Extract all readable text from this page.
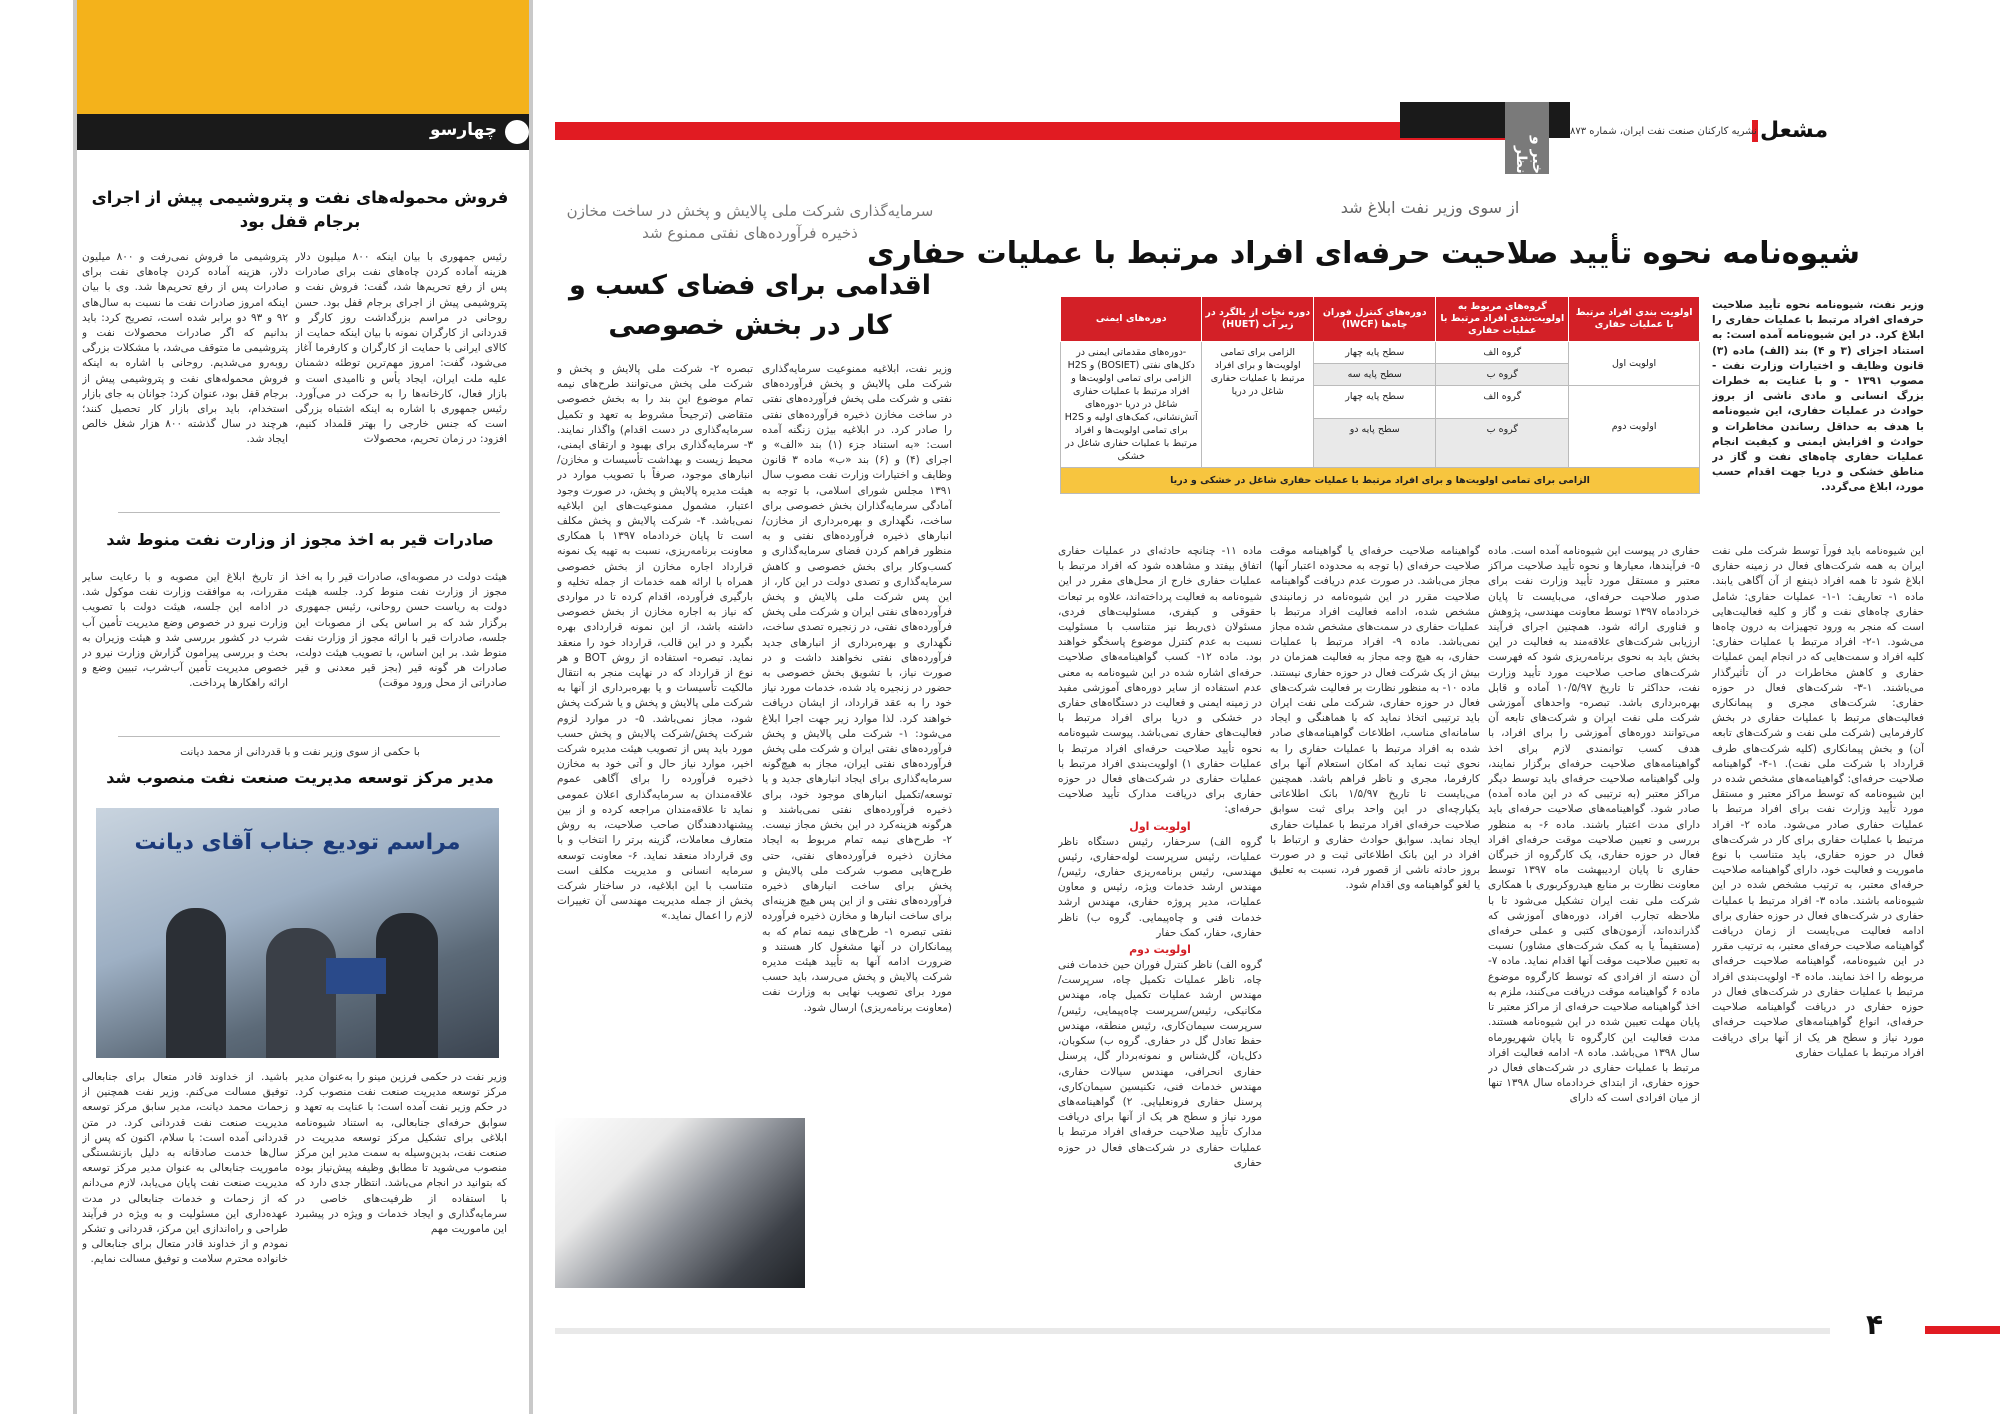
چهارسو
فروش محموله‌های نفت و پتروشیمی پیش از اجرای برجام قفل بود
رئیس جمهوری با بیان اینکه ۸۰۰ میلیون دلار هزینه آماده کردن چاه‌های نفت برای صادرات پس از رفع تحریم‌ها شد، گفت: فروش نفت و پتروشیمی پیش از اجرای برجام قفل بود. حسن روحانی در مراسم بزرگداشت روز کارگر و قدردانی از کارگران نمونه با بیان اینکه حمایت از کالای ایرانی با حمایت از کارگران و کارفرما آغاز می‌شود، گفت: امروز مهم‌ترین توطئه دشمنان علیه ملت ایران، ایجاد یأس و ناامیدی است و بازار فعال، کارخانه‌ها را به حرکت در می‌آورد. رئیس جمهوری با اشاره به اینکه اشتباه بزرگی است که جنس خارجی را بهتر قلمداد کنیم، افزود: در زمان تحریم، محصولات
پتروشیمی ما فروش نمی‌رفت و ۸۰۰ میلیون دلار، هزینه آماده کردن چاه‌های نفت برای صادرات پس از رفع تحریم‌ها شد. وی با بیان اینکه امروز صادرات نفت ما نسبت به سال‌های ۹۲ و ۹۳ دو برابر شده است، تصریح کرد: باید بدانیم که اگر صادرات محصولات نفت و پتروشیمی ما متوقف می‌شد، با مشکلات بزرگی روبه‌رو می‌شدیم. روحانی با اشاره به اینکه فروش محموله‌های نفت و پتروشیمی پیش از برجام قفل بود، عنوان کرد: جوانان به جای بازار استخدام، باید برای بازار کار تحصیل کنند؛ هرچند در سال گذشته ۸۰۰ هزار شغل خالص ایجاد شد.
صادرات قیر به اخذ مجوز از وزارت نفت منوط شد
هیئت دولت در مصوبه‌ای، صادرات قیر را به اخذ مجوز از وزارت نفت منوط کرد. جلسه هیئت دولت به ریاست حسن روحانی، رئیس جمهوری برگزار شد که بر اساس یکی از مصوبات این جلسه، صادرات قیر با ارائه مجوز از وزارت نفت منوط شد. بر این اساس، با تصویب هیئت دولت، صادرات هر گونه قیر (بجز قیر معدنی و قیر صادراتی از محل ورود موقت)
از تاریخ ابلاغ این مصوبه و با رعایت سایر مقررات، به موافقت وزارت نفت موکول شد. در ادامه این جلسه، هیئت دولت با تصویب وزارت نیرو در خصوص وضع مدیریت تأمین آب شرب در کشور بررسی شد و هیئت وزیران به بحث و بررسی پیرامون گزارش وزارت نیرو در خصوص مدیریت تأمین آب‌شرب، تبیین وضع و ارائه راهکارها پرداخت.
با حکمی از سوی وزیر نفت و با قدردانی از محمد دیانت
مدیر مرکز توسعه مدیریت صنعت نفت منصوب شد
مراسم تودیع جناب آقای دیانت
وزیر نفت در حکمی فرزین مینو را به‌عنوان مدیر مرکز توسعه مدیریت صنعت نفت منصوب کرد. در حکم وزیر نفت آمده است: با عنایت به تعهد و سوابق حرفه‌ای جنابعالی، به استناد شیوه‌نامه ابلاغی برای تشکیل مرکز توسعه مدیریت در صنعت نفت، بدین‌وسیله به سمت مدیر این مرکز منصوب می‌شوید تا مطابق وظیفه پیش‌نیاز بوده که بتوانید در انجام می‌باشد. انتظار جدی دارد که با استفاده از ظرفیت‌های خاصی در سرمایه‌گذاری و ایجاد خدمات و ویژه در پیشبرد این ماموریت مهم
باشید. از خداوند قادر متعال برای جنابعالی توفیق مسالت می‌کنم. وزیر نفت همچنین از زحمات محمد دیانت، مدیر سابق مرکز توسعه مدیریت صنعت نفت قدردانی کرد. در متن قدردانی آمده است: با سلام، اکنون که پس از سال‌ها خدمت صادقانه به دلیل بازنشستگی ماموریت جنابعالی به عنوان مدیر مرکز توسعه مدیریت صنعت نفت پایان می‌یابد، لازم می‌دانم که از زحمات و خدمات جنابعالی در مدت عهده‌داری این مسئولیت و به ویژه در فرآیند طراحی و راه‌اندازی این مرکز، قدردانی و تشکر نمودم و از خداوند قادر متعال برای جنابعالی و خانواده محترم سلامت و توفیق مسالت نمایم.
خبر و نظر
مشعل
نشریه کارکنان صنعت نفت ایران، شماره ۸۷۳
سرمایه‌گذاری شرکت ملی پالایش و پخش در ساخت مخازن ذخیره فرآورده‌های نفتی ممنوع شد
اقدامی برای فضای کسب و کار در بخش خصوصی
وزیر نفت، ابلاغیه ممنوعیت سرمایه‌گذاری شرکت ملی پالایش و پخش فرآورده‌های نفتی و شرکت ملی پخش فرآورده‌های نفتی در ساخت مخازن ذخیره فرآورده‌های نفتی را صادر کرد. در ابلاغیه بیژن زنگنه آمده است: «به استناد جزء (۱) بند «الف» و اجرای (۴) و (۶) بند «ب» ماده ۳ قانون وظایف و اختیارات وزارت نفت مصوب سال ۱۳۹۱ مجلس شورای اسلامی، با توجه به آمادگی سرمایه‌گذاران بخش خصوصی برای ساخت، نگهداری و بهره‌برداری از مخازن/انبارهای ذخیره فرآورده‌های نفتی و به منظور فراهم کردن فضای سرمایه‌گذاری و کسب‌وکار برای بخش خصوصی و کاهش سرمایه‌گذاری و تصدی دولت در این کار، از این پس شرکت ملی پالایش و پخش فرآورده‌های نفتی ایران و شرکت ملی پخش فرآورده‌های نفتی، در زنجیره تصدی ساخت، نگهداری و بهره‌برداری از انبارهای جدید فرآورده‌های نفتی نخواهند داشت و در صورت نیاز، با تشویق بخش خصوصی به حضور در زنجیره یاد شده، خدمات مورد نیاز خود را به عقد قرارداد، از ایشان دریافت خواهند کرد. لذا موارد زیر جهت اجرا ابلاغ می‌شود: ۱- شرکت ملی پالایش و پخش فرآورده‌های نفتی ایران و شرکت ملی پخش فرآورده‌های نفتی ایران، مجاز به هیچ‌گونه سرمایه‌گذاری برای ایجاد انبارهای جدید و یا توسعه/تکمیل انبارهای موجود خود، برای ذخیره فرآورده‌های نفتی نمی‌باشند و هرگونه هزینه‌کرد در این بخش مجاز نیست. ۲- طرح‌های نیمه تمام مربوط به ایجاد مخازن ذخیره فرآورده‌های نفتی، حتی طرح‌هایی مصوب شرکت ملی پالایش و پخش برای ساخت انبارهای ذخیره فرآورده‌های نفتی و از این پس هیچ هزینه‌ای برای ساخت انبارها و مخازن ذخیره فرآورده نفتی تبصره ۱- طرح‌های نیمه تمام که به پیمانکاران در آنها مشغول کار هستند و ضرورت ادامه آنها به تأیید هیئت مدیره شرکت پالایش و پخش می‌رسد، باید حسب مورد برای تصویب نهایی به وزارت نفت (معاونت برنامه‌ریزی) ارسال شود.
تبصره ۲- شرکت ملی پالایش و پخش و شرکت ملی پخش می‌توانند طرح‌های نیمه تمام موضوع این بند را به بخش خصوصی متقاضی (ترجیحاً مشروط به تعهد و تکمیل سرمایه‌گذاری در دست اقدام) واگذار نمایند. ۳- سرمایه‌گذاری برای بهبود و ارتقای ایمنی، محیط زیست و بهداشت تأسیسات و مخازن/انبارهای موجود، صرفاً با تصویب موارد در هیئت مدیره پالایش و پخش، در صورت وجود اعتبار، مشمول ممنوعیت‌های این ابلاغیه نمی‌باشد. ۴- شرکت پالایش و پخش مکلف است تا پایان خردادماه ۱۳۹۷ با همکاری معاونت برنامه‌ریزی، نسبت به تهیه یک نمونه قرارداد اجاره مخازن از بخش خصوصی همراه با ارائه همه خدمات از جمله تخلیه و بارگیری فرآورده، اقدام کرده تا در مواردی که نیاز به اجاره مخازن از بخش خصوصی داشته باشد، از این نمونه قراردادی بهره بگیرد و در این قالب، قرارداد خود را منعقد نماید. تبصره- استفاده از روش BOT و هر نوع از قرارداد که در نهایت منجر به انتقال مالکیت تأسیسات و یا بهره‌برداری از آنها به شرکت ملی پالایش و پخش و یا شرکت پخش شود، مجاز نمی‌باشد. ۵- در موارد لزوم شرکت پخش/شرکت پالایش و پخش حسب مورد باید پس از تصویب هیئت مدیره شرکت اخیر، موارد نیاز حال و آتی خود به مخازن ذخیره فرآورده را برای آگاهی عموم علاقه‌مندان به سرمایه‌گذاری اعلان عمومی نماید تا علاقه‌مندان مراجعه کرده و از بین پیشنهاددهندگان صاحب صلاحیت، به روش متعارف معاملات، گزینه برتر را انتخاب و با وی قرارداد منعقد نماید. ۶- معاونت توسعه سرمایه انسانی و مدیریت مکلف است متناسب با این ابلاغیه، در ساختار شرکت پخش از جمله مدیریت مهندسی آن تغییرات لازم را اعمال نماید.»
از سوی وزیر نفت ابلاغ شد
شیوه‌نامه نحوه تأیید صلاحیت حرفه‌ای افراد مرتبط با عملیات حفاری
وزیر نفت، شیوه‌نامه نحوه تأیید صلاحیت حرفه‌ای افراد مرتبط با عملیات حفاری را ابلاغ کرد. در این شیوه‌نامه آمده است: به استناد اجزای (۳ و ۴) بند (الف) ماده (۳) قانون وظایف و اختیارات وزارت نفت - مصوب ۱۳۹۱ - و با عنایت به خطرات بزرگ انسانی و مادی ناشی از بروز حوادث در عملیات حفاری، این شیوه‌نامه با هدف به حداقل رساندن مخاطرات و حوادث و افزایش ایمنی و کیفیت انجام عملیات حفاری چاه‌های نفت و گاز در مناطق خشکی و دریا جهت اقدام حسب مورد، ابلاغ می‌گردد.
اولویت بندی افراد مرتبط با عملیات حفاری	گروه‌های مربوط به اولویت‌بندی افراد مرتبط با عملیات حفاری	دوره‌های کنترل فوران چاه‌ها (IWCF)	دوره نجات از بالگرد در زیر آب (HUET)	دوره‌های ایمنی
اولویت اول	گروه الف	سطح پایه چهار	الزامی برای تمامی اولویت‌ها و برای افراد مرتبط با عملیات حفاری شاغل در دریا	-دوره‌های مقدماتی ایمنی در دکل‌های نفتی (BOSIET) و H2S الزامی برای تمامی اولویت‌ها و افراد مرتبط با عملیات حفاری شاغل در دریا -دوره‌های آتش‌نشانی، کمک‌های اولیه و H2S برای تمامی اولویت‌ها و افراد مرتبط با عملیات حفاری شاغل در خشکی
	گروه ب	سطح پایه سه		
اولویت دوم	گروه الف	سطح پایه چهار		
	گروه ب	سطح پایه دو		
الزامی برای تمامی اولویت‌ها و برای افراد مرتبط با عملیات حفاری شاغل در خشکی و دریا				
این شیوه‌نامه باید فوراً توسط شرکت ملی نفت ایران به همه شرکت‌های فعال در زمینه حفاری ابلاغ شود تا همه افراد ذینفع از آن آگاهی یابند. ماده ۱- تعاریف: ۱-۱- عملیات حفاری: شامل حفاری چاه‌های نفت و گاز و کلیه فعالیت‌هایی است که منجر به ورود تجهیزات به درون چاه‌ها می‌شود. ۱-۲- افراد مرتبط با عملیات حفاری: کلیه افراد و سمت‌هایی که در انجام ایمن عملیات حفاری و کاهش مخاطرات در آن تأثیرگذار می‌باشند. ۱-۳- شرکت‌های فعال در حوزه حفاری: شرکت‌های مجری و پیمانکاری فعالیت‌های مرتبط با عملیات حفاری در بخش کارفرمایی (شرکت ملی نفت و شرکت‌های تابعه آن) و بخش پیمانکاری (کلیه شرکت‌های طرف قرارداد با شرکت ملی نفت). ۱-۴- گواهینامه صلاحیت حرفه‌ای: گواهینامه‌های مشخص شده در این شیوه‌نامه که توسط مراکز معتبر و مستقل مورد تأیید وزارت نفت برای افراد مرتبط با عملیات حفاری صادر می‌شود. ماده ۲- افراد مرتبط با عملیات حفاری برای کار در شرکت‌های فعال در حوزه حفاری، باید متناسب با نوع ماموریت و فعالیت خود، دارای گواهینامه صلاحیت حرفه‌ای معتبر، به ترتیب مشخص شده در این شیوه‌نامه باشند. ماده ۳- افراد مرتبط با عملیات حفاری در شرکت‌های فعال در حوزه حفاری برای ادامه فعالیت می‌بایست از زمان دریافت گواهینامه صلاحیت حرفه‌ای معتبر، به ترتیب مقرر در این شیوه‌نامه، گواهینامه صلاحیت حرفه‌ای مربوطه را اخذ نمایند. ماده ۴- اولویت‌بندی افراد مرتبط با عملیات حفاری در شرکت‌های فعال در حوزه حفاری در دریافت گواهینامه صلاحیت حرفه‌ای، انواع گواهینامه‌های صلاحیت حرفه‌ای مورد نیاز و سطح هر یک از آنها برای دریافت افراد مرتبط با عملیات حفاری
حفاری در پیوست این شیوه‌نامه آمده است. ماده ۵- فرآیندها، معیارها و نحوه تأیید صلاحیت مراکز معتبر و مستقل مورد تأیید وزارت نفت برای صدور صلاحیت حرفه‌ای، می‌بایست تا پایان خردادماه ۱۳۹۷ توسط معاونت مهندسی، پژوهش و فناوری ارائه شود. همچنین اجرای فرآیند ارزیابی شرکت‌های علاقه‌مند به فعالیت در این بخش باید به نحوی برنامه‌ریزی شود که فهرست شرکت‌های صاحب صلاحیت مورد تأیید وزارت نفت، حداکثر تا تاریخ ۱۰/۵/۹۷ آماده و قابل بهره‌برداری باشد. تبصره- واحدهای آموزشی شرکت ملی نفت ایران و شرکت‌های تابعه آن می‌توانند دوره‌های آموزشی را برای افراد، با هدف کسب توانمندی لازم برای اخذ گواهینامه‌های صلاحیت حرفه‌ای برگزار نمایند، ولی گواهینامه صلاحیت حرفه‌ای باید توسط دیگر مراکز معتبر (به ترتیبی که در این ماده آمده) صادر شود. گواهینامه‌های صلاحیت حرفه‌ای باید دارای مدت اعتبار باشند. ماده ۶- به منظور بررسی و تعیین صلاحیت موقت حرفه‌ای افراد فعال در حوزه حفاری، یک کارگروه از خبرگان حفاری تا پایان اردیبهشت ماه ۱۳۹۷ توسط معاونت نظارت بر منابع هیدروکربوری با همکاری شرکت ملی نفت ایران تشکیل می‌شود تا با ملاحظه تجارب افراد، دوره‌های آموزشی که گذرانده‌اند، آزمون‌های کتبی و عملی حرفه‌ای (مستقیماً یا به کمک شرکت‌های مشاور) نسبت به تعیین صلاحیت موقت آنها اقدام نماید. ماده ۷- آن دسته از افرادی که توسط کارگروه موضوع ماده ۶ گواهینامه موقت دریافت می‌کنند، ملزم به اخذ گواهینامه صلاحیت حرفه‌ای از مراکز معتبر تا پایان مهلت تعیین شده در این شیوه‌نامه هستند. مدت فعالیت این کارگروه تا پایان شهریورماه سال ۱۳۹۸ می‌باشد. ماده ۸- ادامه فعالیت افراد مرتبط با عملیات حفاری در شرکت‌های فعال در حوزه حفاری، از ابتدای خردادماه سال ۱۳۹۸ تنها از میان افرادی است که دارای
گواهینامه صلاحیت حرفه‌ای یا گواهینامه موقت صلاحیت حرفه‌ای (با توجه به محدوده اعتبار آنها) مجاز می‌باشد. در صورت عدم دریافت گواهینامه صلاحیت مقرر در این شیوه‌نامه در زمانبندی مشخص شده، ادامه فعالیت افراد مرتبط با عملیات حفاری در سمت‌های مشخص شده مجاز نمی‌باشد. ماده ۹- افراد مرتبط با عملیات حفاری، به هیچ وجه مجاز به فعالیت همزمان در بیش از یک شرکت فعال در حوزه حفاری نیستند. ماده ۱۰- به منظور نظارت بر فعالیت شرکت‌های فعال در حوزه حفاری، شرکت ملی نفت ایران باید ترتیبی اتخاذ نماید که با هماهنگی و ایجاد سامانه‌ای مناسب، اطلاعات گواهینامه‌های صادر شده به افراد مرتبط با عملیات حفاری را به نحوی ثبت نماید که امکان استعلام آنها برای کارفرما، مجری و ناظر فراهم باشد. همچنین می‌بایست تا تاریخ ۱/۵/۹۷ بانک اطلاعاتی یکپارچه‌ای در این واحد برای ثبت سوابق صلاحیت حرفه‌ای افراد مرتبط با عملیات حفاری ایجاد نماید. سوابق حوادث حفاری و ارتباط با افراد در این بانک اطلاعاتی ثبت و در صورت بروز حادثه ناشی از قصور فرد، نسبت به تعلیق یا لغو گواهینامه وی اقدام شود.
ماده ۱۱- چنانچه حادثه‌ای در عملیات حفاری اتفاق بیفتد و مشاهده شود که افراد مرتبط با عملیات حفاری خارج از محل‌های مقرر در این شیوه‌نامه به فعالیت پرداخته‌اند، علاوه بر تبعات حقوقی و کیفری، مسئولیت‌های فردی، مسئولان ذی‌ربط نیز متناسب با مسئولیت نسبت به عدم کنترل موضوع پاسخگو خواهند بود. ماده ۱۲- کسب گواهینامه‌های صلاحیت حرفه‌ای اشاره شده در این شیوه‌نامه به معنی عدم استفاده از سایر دوره‌های آموزشی مفید در زمینه ایمنی و فعالیت در دستگاه‌های حفاری در خشکی و دریا برای افراد مرتبط با فعالیت‌های حفاری نمی‌باشد. پیوست شیوه‌نامه نحوه تأیید صلاحیت حرفه‌ای افراد مرتبط با عملیات حفاری ۱) اولویت‌بندی افراد مرتبط با عملیات حفاری در شرکت‌های فعال در حوزه حفاری برای دریافت مدارک تأیید صلاحیت حرفه‌ای:
اولویت اول
گروه الف) سرحفار، رئیس دستگاه ناظر عملیات، رئیس سرپرست لوله‌حفاری، رئیس مهندسی، رئیس برنامه‌ریزی حفاری، رئیس/مهندس ارشد خدمات ویژه، رئیس و معاون عملیات، مدیر پروژه حفاری، مهندس ارشد خدمات فنی و چاه‌پیمایی. گروه ب) ناظر حفاری، حفار، کمک حفار
اولویت دوم
گروه الف) ناظر کنترل فوران حین خدمات فنی چاه، ناظر عملیات تکمیل چاه، سرپرست/مهندس ارشد عملیات تکمیل چاه، مهندس مکانیکی، رئیس/سرپرست چاه‌پیمایی، رئیس/سرپرست سیمان‌کاری، رئیس منطقه، مهندس حفظ تعادل گل در حفاری. گروه ب) سکوبان، دکل‌بان، گل‌شناس و نمونه‌بردار گل، پرسنل حفاری انحرافی، مهندس سیالات حفاری، مهندس خدمات فنی، تکنیسین سیمان‌کاری، پرسنل حفاری فرونعلیایی. ۲) گواهینامه‌های مورد نیاز و سطح هر یک از آنها برای دریافت مدارک تأیید صلاحیت حرفه‌ای افراد مرتبط با عملیات حفاری در شرکت‌های فعال در حوزه حفاری
۴
